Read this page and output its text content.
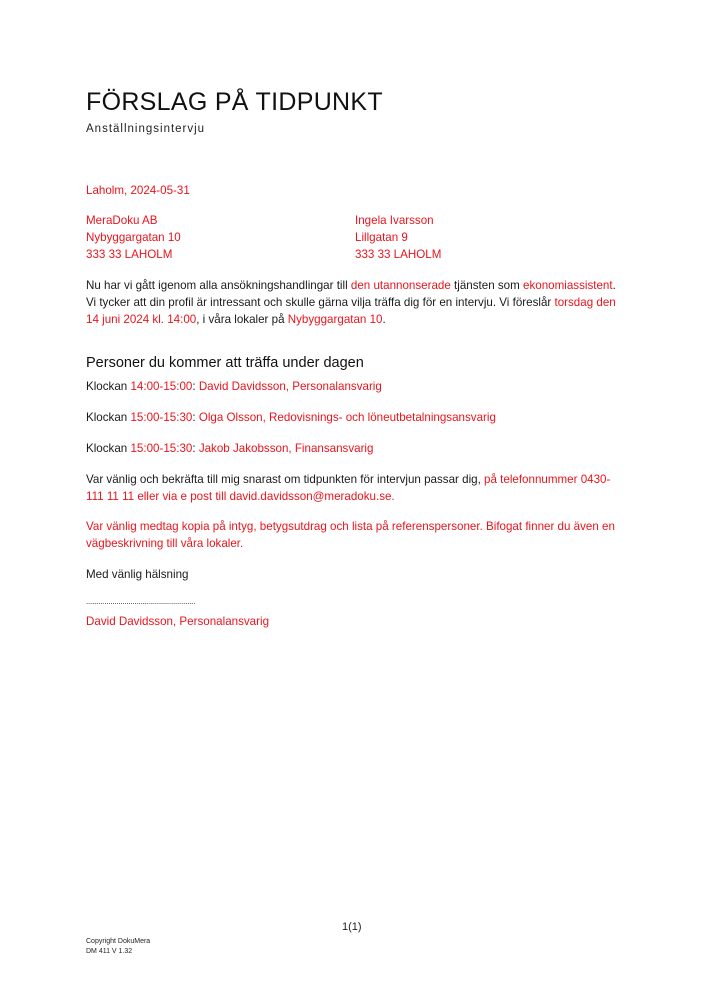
FÖRSLAG PÅ TIDPUNKT
Anställningsintervju
Laholm, 2024-05-31
MeraDoku AB
Nybyggargatan 10
333 33 LAHOLM
Ingela Ivarsson
Lillgatan 9
333 33 LAHOLM
Nu har vi gått igenom alla ansökningshandlingar till den utannonserade tjänsten som ekonomiassistent. Vi tycker att din profil är intressant och skulle gärna vilja träffa dig för en intervju. Vi föreslår torsdag den 14 juni 2024 kl. 14:00, i våra lokaler på Nybyggargatan 10.
Personer du kommer att träffa under dagen
Klockan 14:00-15:00: David Davidsson, Personalansvarig
Klockan 15:00-15:30: Olga Olsson, Redovisnings- och löneutbetalningsansvarig
Klockan 15:00-15:30: Jakob Jakobsson, Finansansvarig
Var vänlig och bekräfta till mig snarast om tidpunkten för intervjun passar dig, på telefonnummer 0430-111 11 11 eller via e post till david.davidsson@meradoku.se.
Var vänlig medtag kopia på intyg, betygsutdrag och lista på referenspersoner. Bifogat finner du även en vägbeskrivning till våra lokaler.
Med vänlig hälsning
......................................................
David Davidsson, Personalansvarig
1(1)
Copyright DokuMera
DM 411 V 1.32
